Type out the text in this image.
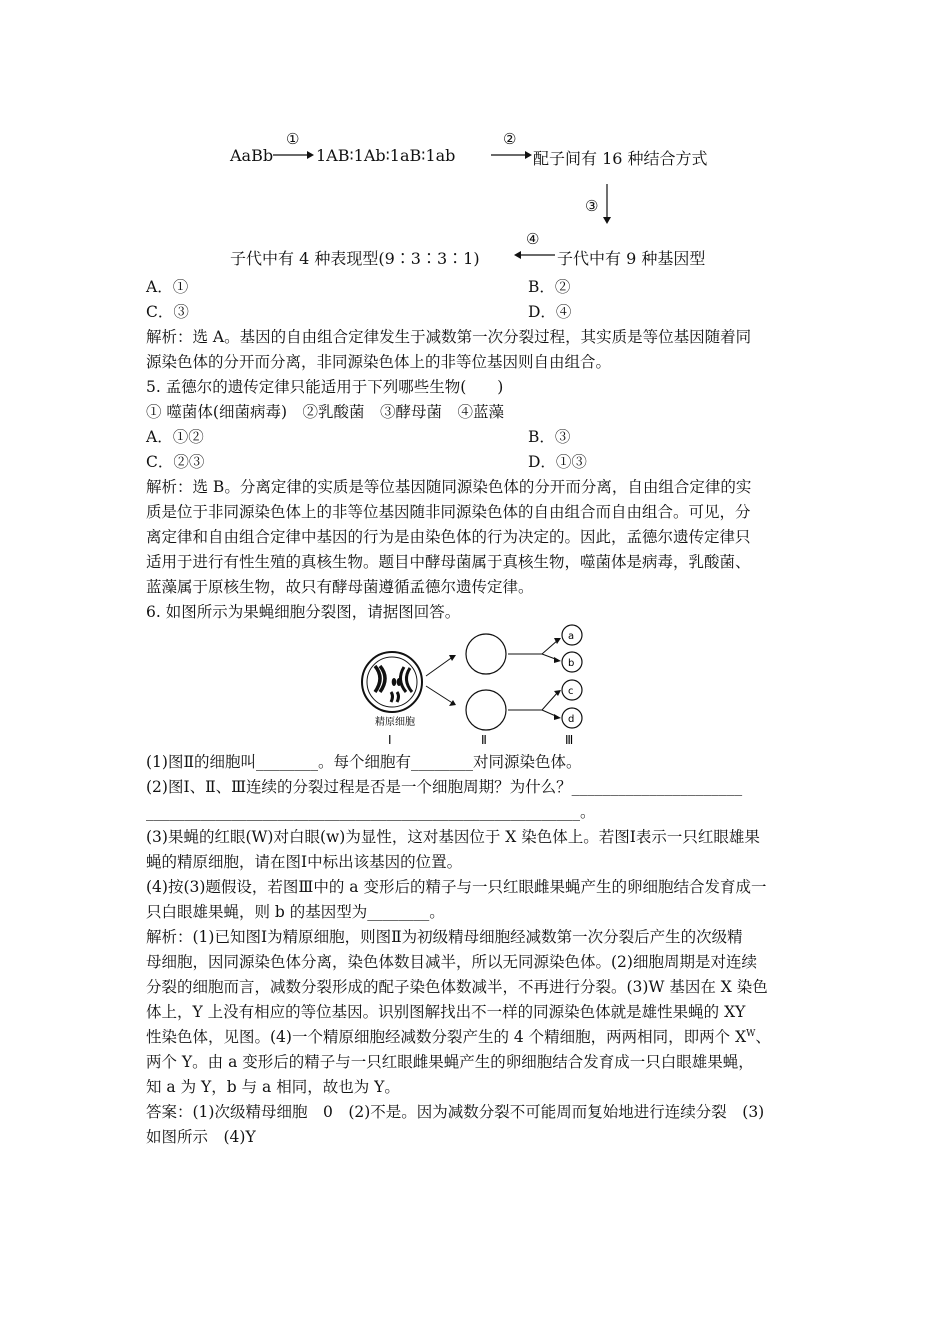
AaBb
①
1AB∶1Ab∶1aB∶1ab
②
配子间有 16 种结合方式
③
子代中有 4 种表现型(9∶3∶3∶1)
④
子代中有 9 种基因型
A．①	B．②
C．③	D．④
解析：选 A。基因的自由组合定律发生于减数第一次分裂过程，其实质是等位基因随着同
源染色体的分开而分离，非同源染色体上的非等位基因则自由组合。
5. 孟德尔的遗传定律只能适用于下列哪些生物(　　)
① 噬菌体(细菌病毒)　②乳酸菌　③酵母菌　④蓝藻
A．①②	B．③
C．②③	D．①③
解析：选 B。分离定律的实质是等位基因随同源染色体的分开而分离，自由组合定律的实
质是位于非同源染色体上的非等位基因随非同源染色体的自由组合而自由组合。可见，分
离定律和自由组合定律中基因的行为是由染色体的行为决定的。因此，孟德尔遗传定律只
适用于进行有性生殖的真核生物。题目中酵母菌属于真核生物，噬菌体是病毒，乳酸菌、
蓝藻属于原核生物，故只有酵母菌遵循孟德尔遗传定律。
6. 如图所示为果蝇细胞分裂图，请据图回答。
精原细胞
Ⅰ	Ⅱ
a
b
c
d
Ⅲ
(1)图Ⅱ的细胞叫________。每个细胞有________对同源染色体。
(2)图Ⅰ、Ⅱ、Ⅲ连续的分裂过程是否是一个细胞周期？为什么？______________________
________________________________________________________。
(3)果蝇的红眼(W)对白眼(w)为显性，这对基因位于 X 染色体上。若图Ⅰ表示一只红眼雄果
蝇的精原细胞，请在图Ⅰ中标出该基因的位置。
(4)按(3)题假设，若图Ⅲ中的 a 变形后的精子与一只红眼雌果蝇产生的卵细胞结合发育成一
只白眼雄果蝇，则 b 的基因型为________。
解析：(1)已知图Ⅰ为精原细胞，则图Ⅱ为初级精母细胞经减数第一次分裂后产生的次级精
母细胞，因同源染色体分离，染色体数目减半，所以无同源染色体。(2)细胞周期是对连续
分裂的细胞而言，减数分裂形成的配子染色体数减半，不再进行分裂。(3)W 基因在 X 染色
体上，Y 上没有相应的等位基因。识别图解找出不一样的同源染色体就是雄性果蝇的 XY
性染色体，见图。(4)一个精原细胞经减数分裂产生的 4 个精细胞，两两相同，即两个 $X^W$、
两个 Y。由 a 变形后的精子与一只红眼雌果蝇产生的卵细胞结合发育成一只白眼雄果蝇，
知 a 为 Y，b 与 a 相同，故也为 Y。
答案：(1)次级精母细胞　0　(2)不是。因为减数分裂不可能周而复始地进行连续分裂　(3)
如图所示　(4)Y
